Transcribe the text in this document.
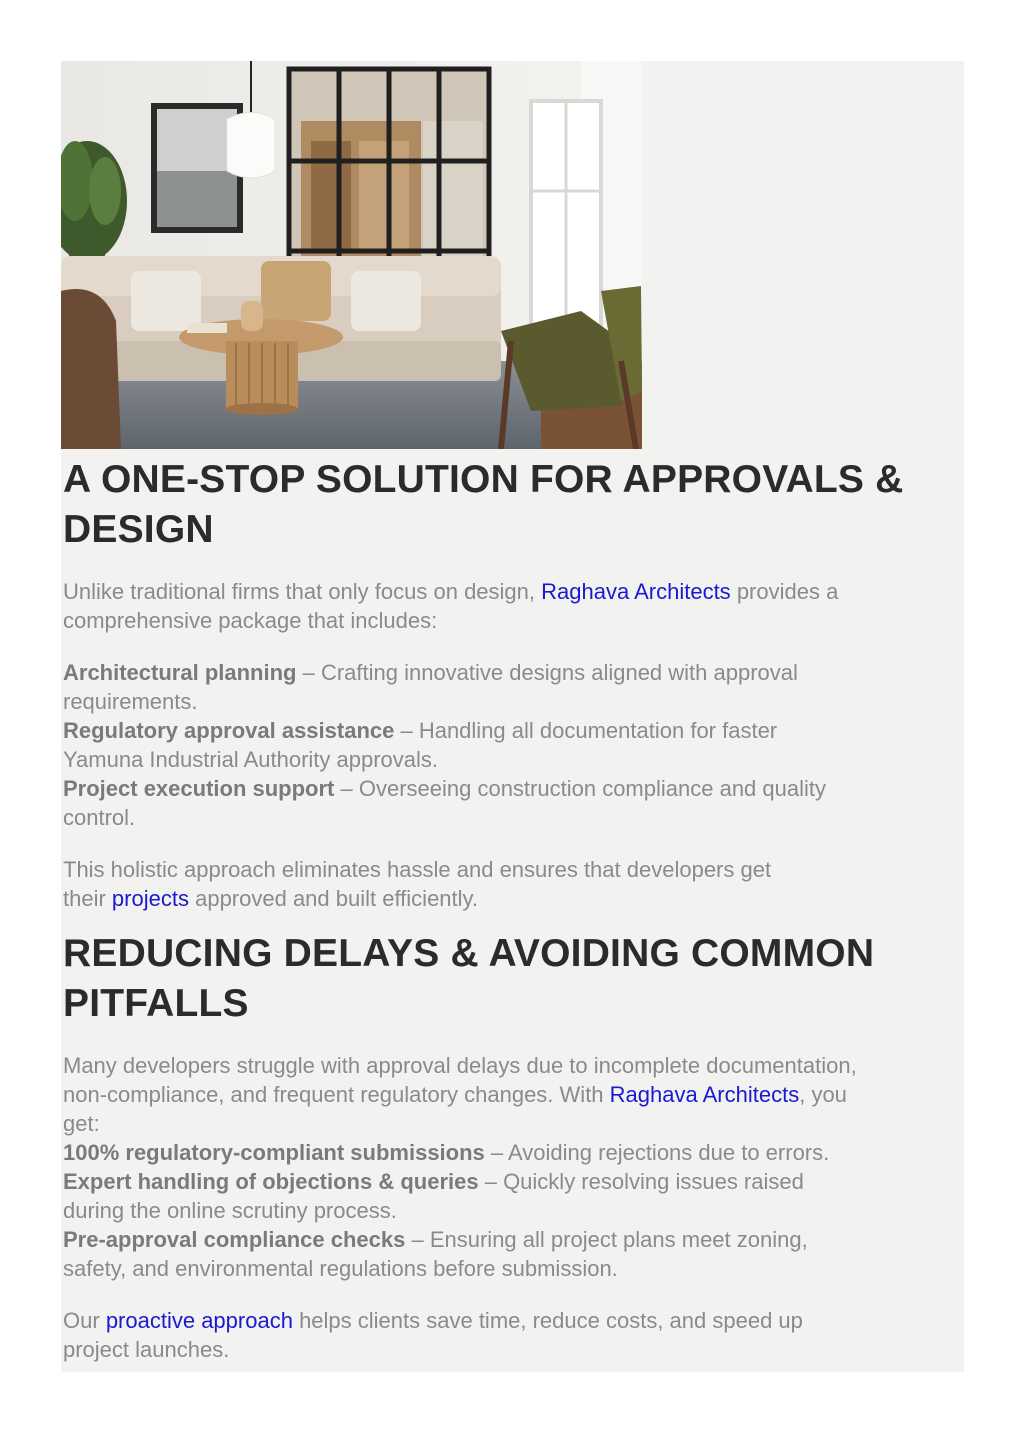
A ONE-STOP SOLUTION FOR APPROVALS &
DESIGN

Unlike traditional firms that only focus on design, Raghava Architects provides a
comprehensive package that includes:

Architectural planning – Crafting innovative designs aligned with approval
requirements.
Regulatory approval assistance – Handling all documentation for faster
Yamuna Industrial Authority approvals.
Project execution support – Overseeing construction compliance and quality
control.

This holistic approach eliminates hassle and ensures that developers get
their projects approved and built efficiently.

REDUCING DELAYS & AVOIDING COMMON
PITFALLS

Many developers struggle with approval delays due to incomplete documentation,
non-compliance, and frequent regulatory changes. With Raghava Architects, you
get:
100% regulatory-compliant submissions – Avoiding rejections due to errors.
Expert handling of objections & queries – Quickly resolving issues raised
during the online scrutiny process.
Pre-approval compliance checks – Ensuring all project plans meet zoning,
safety, and environmental regulations before submission.

Our proactive approach helps clients save time, reduce costs, and speed up
project launches.
